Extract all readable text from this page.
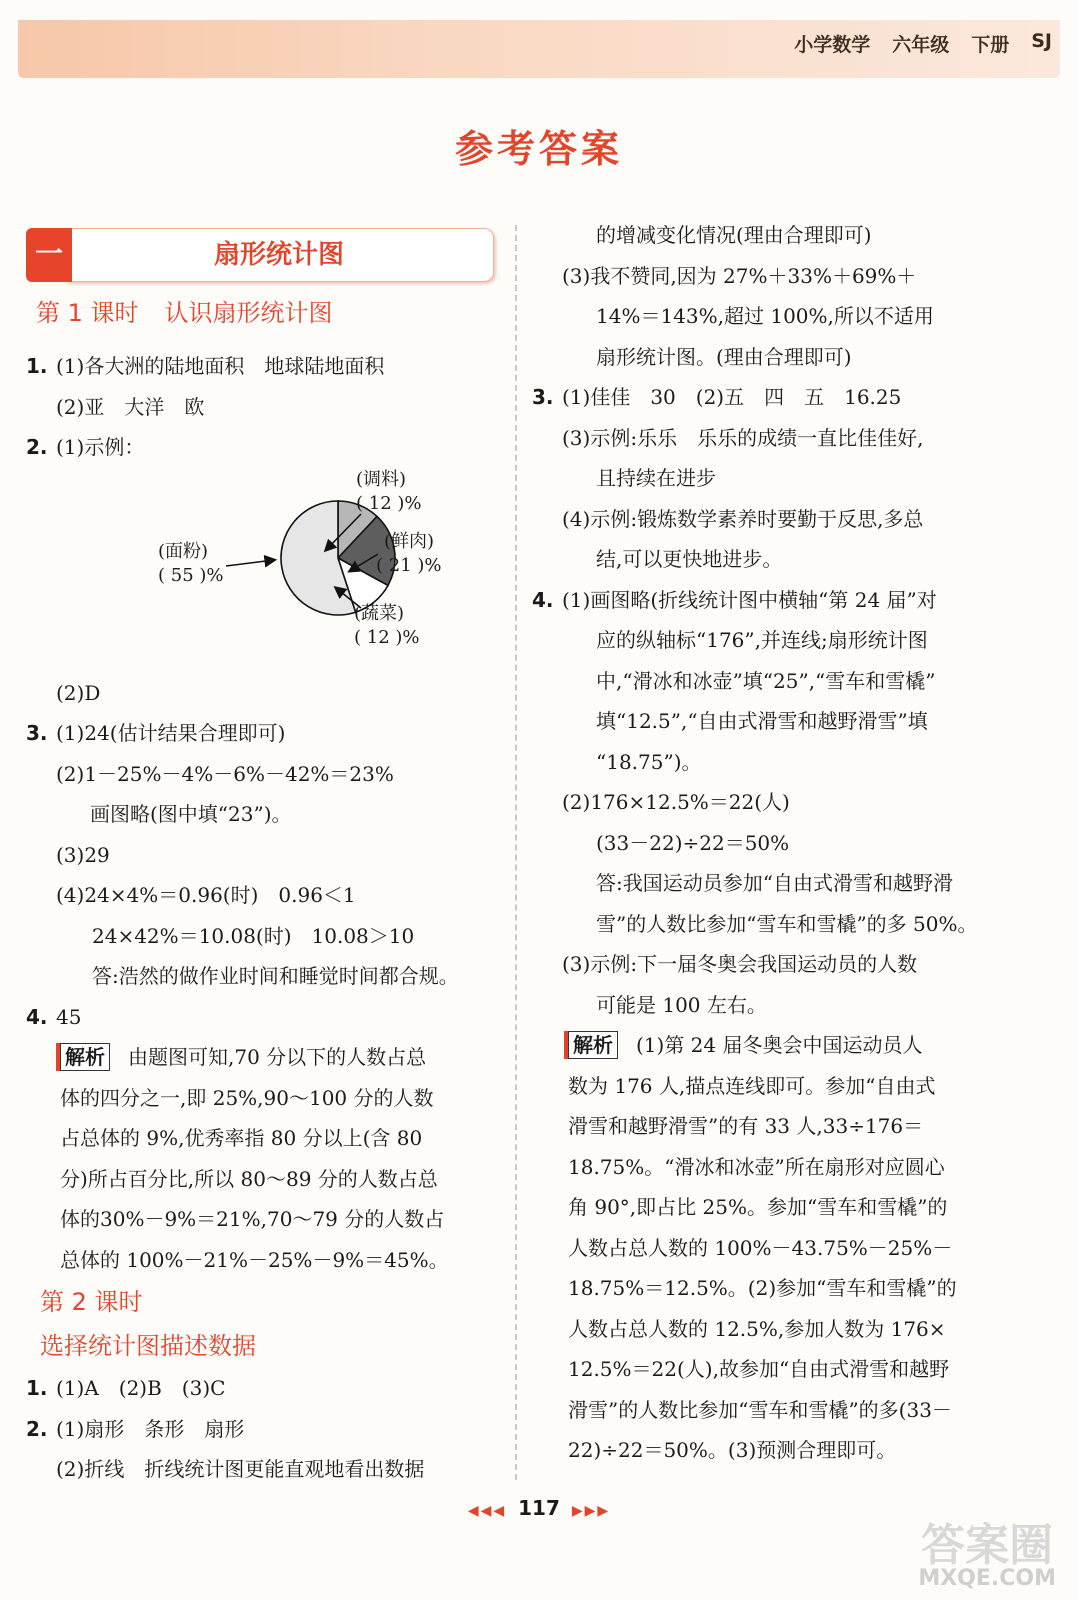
小学数学 六年级 下册 SJ
参考答案
一	扇形统计图
第 1 课时 认识扇形统计图

1. (1)各大洲的陆地面积　地球陆地面积

(2)亚　大洋　欧

2. (1)示例：

(调料)
( 12 )%
(鲜肉)
( 21 )%
(蔬菜)
( 12 )%
(面粉)
( 55 )%

(2)D

3. (1)24(估计结果合理即可)

(2)1－25%－4%－6%－42%＝23%

画图略(图中填“23”)。

(3)29

(4)24×4%＝0.96(时)　0.96＜1

24×42%＝10.08(时)　10.08＞10

答:浩然的做作业时间和睡觉时间都合规。

4. 45

解析 由题图可知,70 分以下的人数占总

体的四分之一,即 25%,90～100 分的人数

占总体的 9%,优秀率指 80 分以上(含 80

分)所占百分比,所以 80～89 分的人数占总

体的30%－9%＝21%,70～79 分的人数占

总体的 100%－21%－25%－9%＝45%。

第 2 课时
选择统计图描述数据

1. (1)A　(2)B　(3)C

2. (1)扇形　条形　扇形

(2)折线　折线统计图更能直观地看出数据

的增减变化情况(理由合理即可)

(3)我不赞同,因为 27%＋33%＋69%＋

14%＝143%,超过 100%,所以不适用

扇形统计图。(理由合理即可)

3. (1)佳佳　30　(2)五　四　五　16.25

(3)示例:乐乐　乐乐的成绩一直比佳佳好,

且持续在进步

(4)示例:锻炼数学素养时要勤于反思,多总

结,可以更快地进步。

4. (1)画图略(折线统计图中横轴“第 24 届”对

应的纵轴标“176”,并连线;扇形统计图

中,“滑冰和冰壶”填“25”,“雪车和雪橇”

填“12.5”,“自由式滑雪和越野滑雪”填

“18.75”)。

(2)176×12.5%＝22(人)

(33－22)÷22＝50%

答:我国运动员参加“自由式滑雪和越野滑

雪”的人数比参加“雪车和雪橇”的多 50%。

(3)示例:下一届冬奥会我国运动员的人数

可能是 100 左右。

解析 (1)第 24 届冬奥会中国运动员人

数为 176 人,描点连线即可。参加“自由式

滑雪和越野滑雪”的有 33 人,33÷176＝

18.75%。“滑冰和冰壶”所在扇形对应圆心

角 90°,即占比 25%。参加“雪车和雪橇”的

人数占总人数的 100%－43.75%－25%－

18.75%＝12.5%。(2)参加“雪车和雪橇”的

人数占总人数的 12.5%,参加人数为 176×

12.5%＝22(人),故参加“自由式滑雪和越野

滑雪”的人数比参加“雪车和雪橇”的多(33－

22)÷22＝50%。(3)预测合理即可。

◀◀◀ 117 ▶▶▶
答案圈
MXQE.COM
